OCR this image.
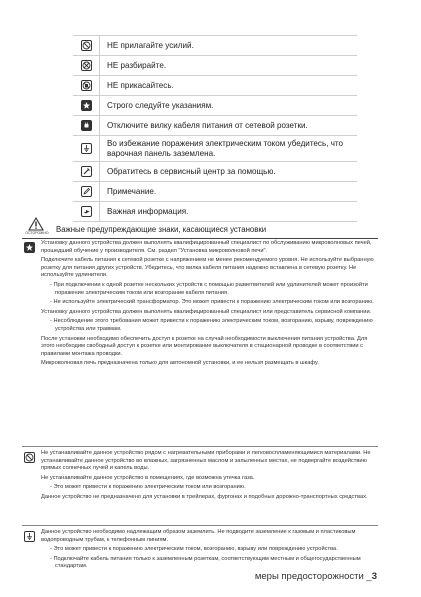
	НЕ прилагайте усилий.

	НЕ разбирайте.

	НЕ прикасайтесь.

	Строго следуйте указаниям.

	Отключите вилку кабеля питания от сетевой розетки.

	Во избежание поражения электрическим током убедитесь, что варочная панель заземлена.

	Обратитесь в сервисный центр за помощью.

	Примечание.

	Важная информация.
ОСТОРОЖНО Важные предупреждающие знаки, касающиеся установки

Установку данного устройства должен выполнять квалифицированный специалист по обслуживанию микроволновых печей, прошедший обучение у производителя. См. раздел "Установка микроволновой печи".

Подключите кабель питания к сетевой розетке с напряжением не менее рекомендуемого уровня. Не используйте выбранную розетку для питания других устройств. Убедитесь, что вилка кабеля питания надежно вставлена в сетевую розетку. Не используйте удлинители.

- При подключении к одной розетке нескольких устройств с помощью разветвителей или удлинителей может произойти поражение электрическим током или возгорание кабеля питания.

- Не используйте электрический трансформатор. Это может привести к поражению электрическим током или возгоранию.

Установку данного устройства должен выполнять квалифицированный специалист или представитель сервисной компании.

- Несоблюдение этого требования может привести к поражению электрическим током, возгоранию, взрыву, повреждению устройства или травмам.

После установки необходимо обеспечить доступ к розетке на случай необходимости выключения питания устройства. Для этого необходим свободный доступ к розетке или монтирование выключателя в стационарной проводке в соответствии с правилами монтажа проводки.

Микроволновая печь предназначена только для автономной установки, и ее нельзя размещать в шкафу.

Не устанавливайте данное устройство рядом с нагревательными приборами и легковоспламеняющимися материалами. Не устанавливайте данное устройство во влажных, загрязненных маслом и запыленных местах, не подвергайте воздействию прямых солнечных лучей и капель воды.

Не устанавливайте данное устройство в помещениях, где возможна утечка газа.

- Это может привести к поражению электрическим током или возгоранию.

Данное устройство не предназначено для установки в трейлерах, фургонах и подобных дорожно-транспортных средствах.

Данное устройство необходимо надлежащим образом заземлить. Не подводите заземление к газовым и пластиковым водопроводным трубам, к телефонным линиям.

- Это может привести к поражению электрическим током, возгоранию, взрыву или повреждению устройства.

- Подключайте кабель питания только к заземленным розеткам, соответствующим местным и общегосударственным стандартам.

меры предосторожности _3
